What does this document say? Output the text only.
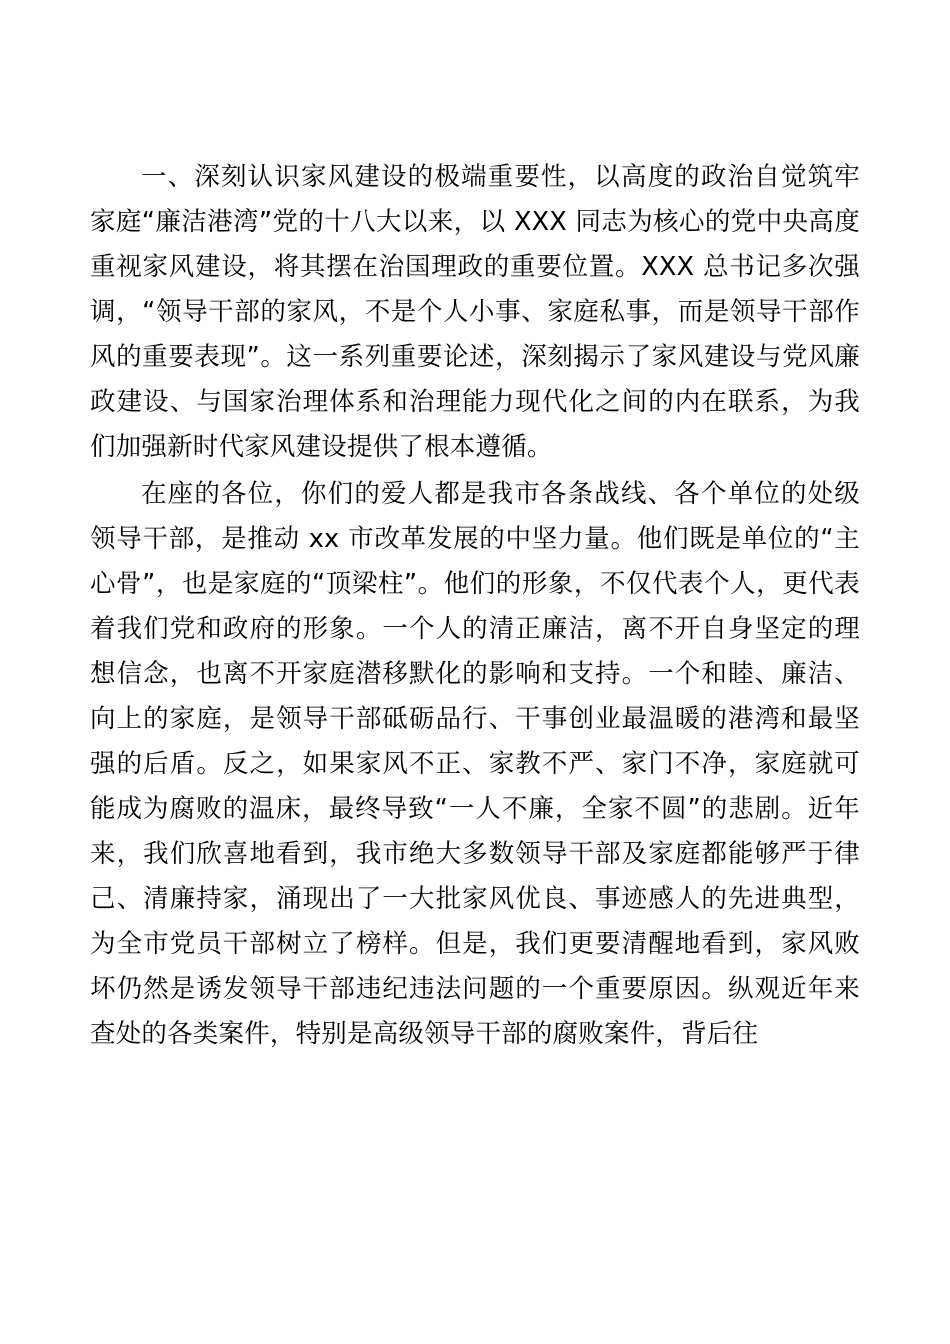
一、深刻认识家风建设的极端重要性，以高度的政治自觉筑牢家庭“廉洁港湾”党的十八大以来，以 XXX 同志为核心的党中央高度重视家风建设，将其摆在治国理政的重要位置。XXX 总书记多次强调，“领导干部的家风，不是个人小事、家庭私事，而是领导干部作风的重要表现”。这一系列重要论述，深刻揭示了家风建设与党风廉政建设、与国家治理体系和治理能力现代化之间的内在联系，为我们加强新时代家风建设提供了根本遵循。

在座的各位，你们的爱人都是我市各条战线、各个单位的处级领导干部，是推动 xx 市改革发展的中坚力量。他们既是单位的“主心骨”，也是家庭的“顶梁柱”。他们的形象，不仅代表个人，更代表着我们党和政府的形象。一个人的清正廉洁，离不开自身坚定的理想信念，也离不开家庭潜移默化的影响和支持。一个和睦、廉洁、向上的家庭，是领导干部砥砺品行、干事创业最温暖的港湾和最坚强的后盾。反之，如果家风不正、家教不严、家门不净，家庭就可能成为腐败的温床，最终导致“一人不廉，全家不圆”的悲剧。近年来，我们欣喜地看到，我市绝大多数领导干部及家庭都能够严于律己、清廉持家，涌现出了一大批家风优良、事迹感人的先进典型，为全市党员干部树立了榜样。但是，我们更要清醒地看到，家风败坏仍然是诱发领导干部违纪违法问题的一个重要原因。纵观近年来查处的各类案件，特别是高级领导干部的腐败案件，背后往
